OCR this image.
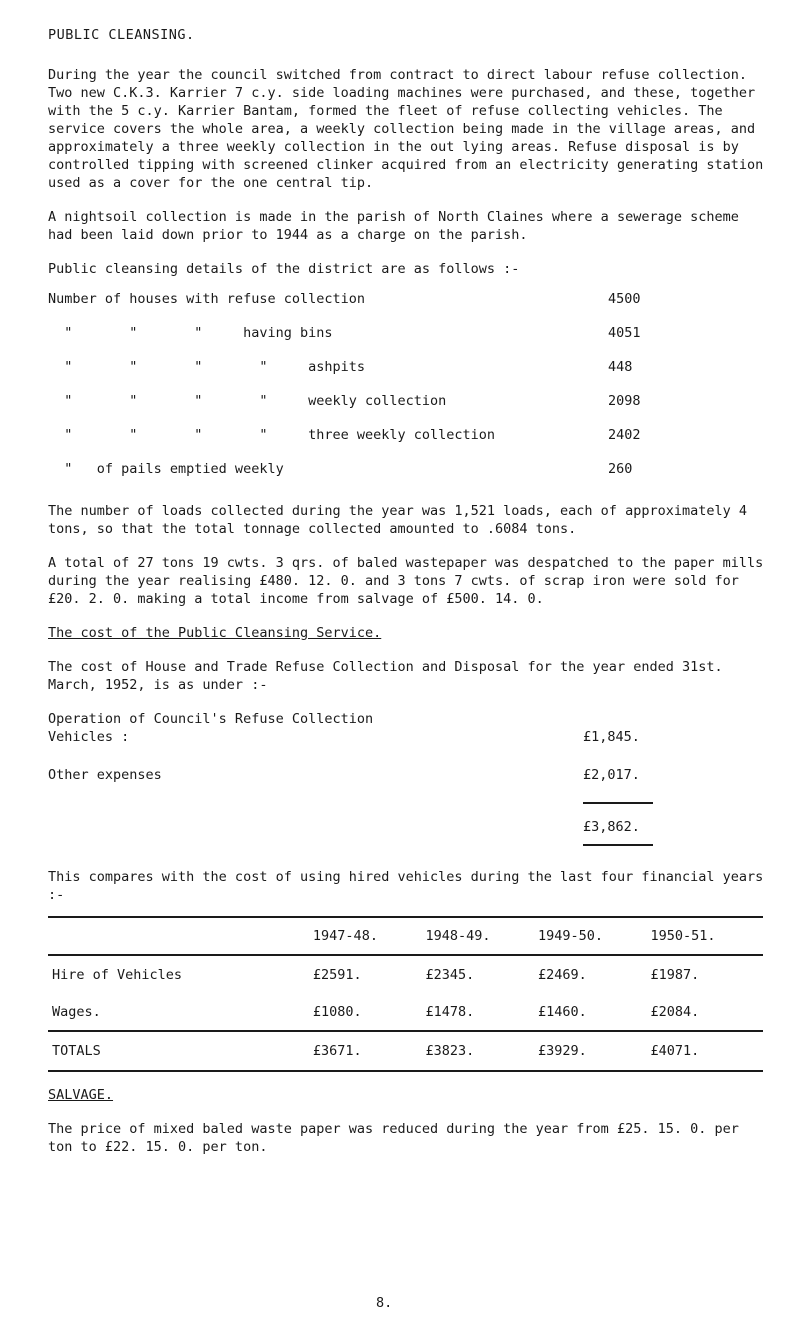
PUBLIC CLEANSING.

During the year the council switched from contract to direct labour refuse collection. Two new C.K.3. Karrier 7 c.y. side loading machines were purchased, and these, together with the 5 c.y. Karrier Bantam, formed the fleet of refuse collecting vehicles. The service covers the whole area, a weekly collection being made in the village areas, and approximately a three weekly collection in the out lying areas. Refuse disposal is by controlled tipping with screened clinker acquired from an electricity generating station used as a cover for the one central tip.

A nightsoil collection is made in the parish of North Claines where a sewerage scheme had been laid down prior to 1944 as a charge on the parish.

Public cleansing details of the district are as follows :-

Number of houses with refuse collection	4500
"       "       "     having bins	4051
"       "       "       "     ashpits	448
"       "       "       "     weekly collection	2098
"       "       "       "     three weekly collection	2402
"   of pails emptied weekly	260

The number of loads collected during the year was 1,521 loads, each of approximately 4 tons, so that the total tonnage collected amounted to .6084 tons.

A total of 27 tons 19 cwts. 3 qrs. of baled wastepaper was despatched to the paper mills during the year realising £480. 12. 0. and 3 tons 7 cwts. of scrap iron were sold for £20. 2. 0. making a total income from salvage of £500. 14. 0.

The cost of the Public Cleansing Service.

The cost of House and Trade Refuse Collection and Disposal for the year ended 31st. March, 1952, is as under :-

Operation of Council's Refuse Collection
Vehicles :	£1,845.
Other expenses	£2,017.
£3,862.

This compares with the cost of using hired vehicles during the last four financial years :-

	1947-48.	1948-49.	1949-50.	1950-51.
Hire of Vehicles	£2591.	£2345.	£2469.	£1987.
Wages.	£1080.	£1478.	£1460.	£2084.
TOTALS	£3671.	£3823.	£3929.	£4071.
SALVAGE.

The price of mixed baled waste paper was reduced during the year from £25. 15. 0. per ton to £22. 15. 0. per ton.

8.
